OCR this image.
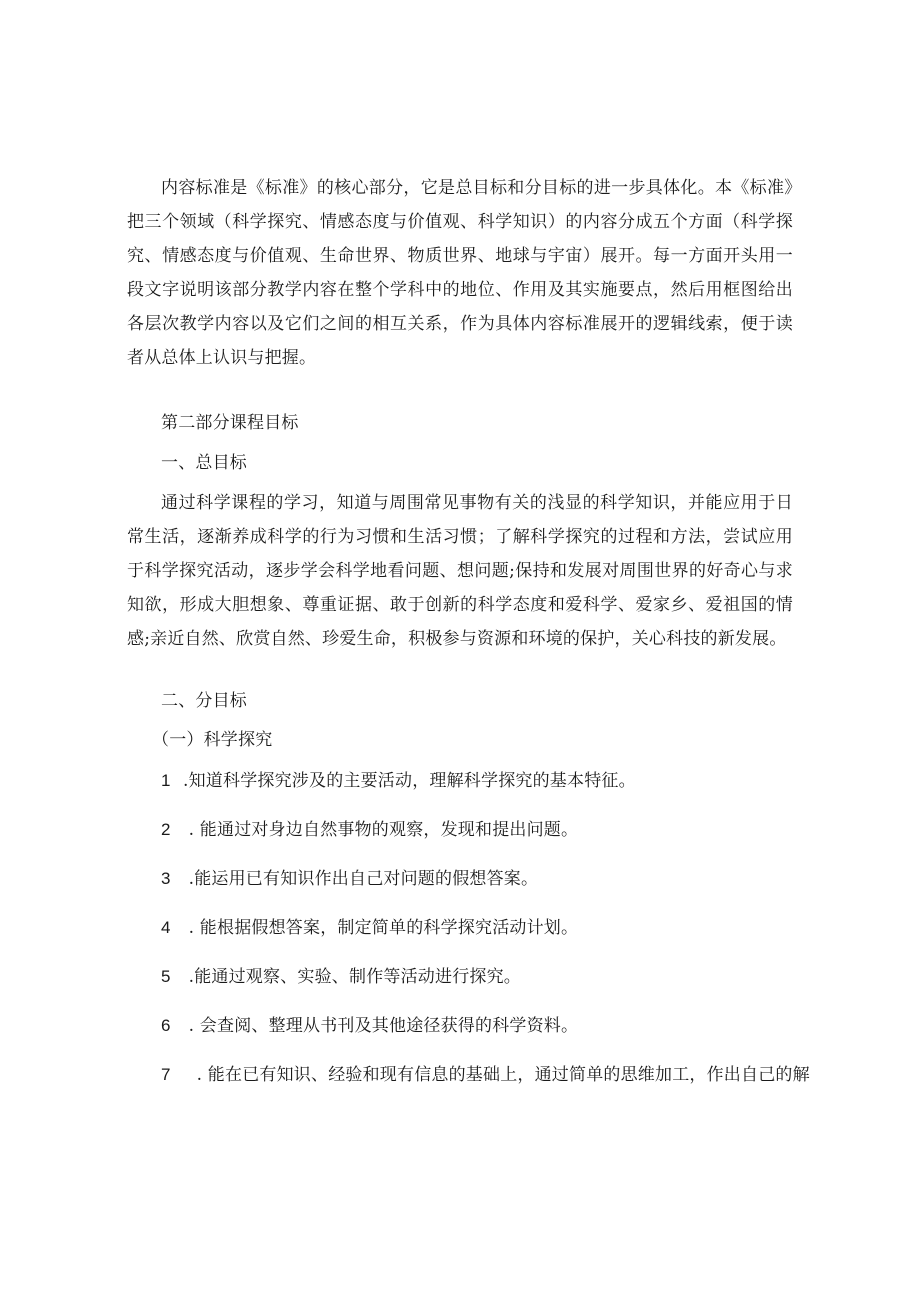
内容标准是《标准》的核心部分，它是总目标和分目标的进一步具体化。本《标准》把三个领域（科学探究、情感态度与价值观、科学知识）的内容分成五个方面（科学探究、情感态度与价值观、生命世界、物质世界、地球与宇宙）展开。每一方面开头用一段文字说明该部分教学内容在整个学科中的地位、作用及其实施要点，然后用框图给出各层次教学内容以及它们之间的相互关系，作为具体内容标准展开的逻辑线索，便于读者从总体上认识与把握。

第二部分课程目标
一、总目标

通过科学课程的学习，知道与周围常见事物有关的浅显的科学知识，并能应用于日常生活，逐渐养成科学的行为习惯和生活习惯；了解科学探究的过程和方法，尝试应用于科学探究活动，逐步学会科学地看问题、想问题;保持和发展对周围世界的好奇心与求知欲，形成大胆想象、尊重证据、敢于创新的科学态度和爱科学、爱家乡、爱祖国的情感;亲近自然、欣赏自然、珍爱生命，积极参与资源和环境的保护，关心科技的新发展。

二、分目标
（一）科学探究
1 .知道科学探究涉及的主要活动，理解科学探究的基本特征。
2 . 能通过对身边自然事物的观察，发现和提出问题。
3 .能运用已有知识作出自己对问题的假想答案。
4 . 能根据假想答案，制定简单的科学探究活动计划。
5 .能通过观察、实验、制作等活动进行探究。
6 . 会查阅、整理从书刊及其他途径获得的科学资料。
7 . 能在已有知识、经验和现有信息的基础上，通过简单的思维加工，作出自己的解
